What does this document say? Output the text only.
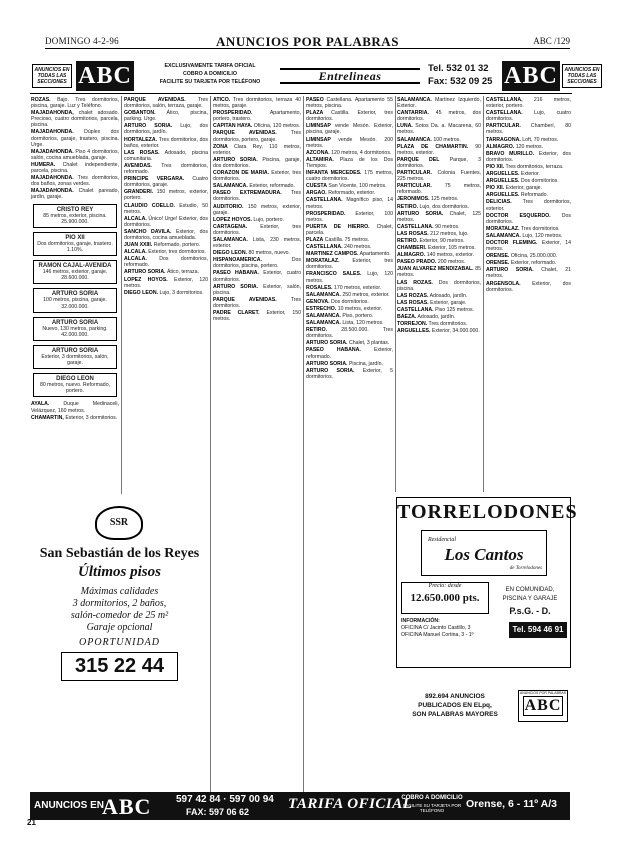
DOMINGO 4-2-96	ANUNCIOS POR PALABRAS	ABC /129
ANUNCIOS EN TODAS LAS SECCIONES ABC	EXCLUSIVAMENTE TARIFA OFICIAL
COBRO A DOMICILIO
FACILITE SU TARJETA POR TELÉFONO	Entrelineas
Tel. 532 01 32
Fax: 532 09 25 ABC	ANUNCIOS EN TODAS LAS SECCIONES

ROZAS. Bajo. Tres dormitorios, piscina, garaje. Luz y Teléfono.

MAJADAHONDA, chalet adosado. Precioso, cuatro dormitorios, parcela, piscina.

MAJADAHONDA. Dúplex dos dormitorios, garaje, trastero, piscina. Urge.

MAJADAHONDA. Piso 4 dormitorios, salón, cocina amueblada, garaje.

HUMERA. Chalet independiente, parcela, piscina.

MAJADAHONDA. Tres dormitorios, dos baños, zonas verdes.

MAJADAHONDA. Chalet pareado, jardín, garaje.

CRISTO REY
85 metros, exterior, piscina. 25.900.000.
PIO XII
Dos dormitorios, garaje, trastero. 1.10%.
RAMON CAJAL-AVENIDA
146 metros, exterior, garaje. 28.600.000.
ARTURO SORIA
100 metros, piscina, garaje. 32.000.000.
ARTURO SORIA
Nuevo, 130 metros, parking. 42.000.000.
ARTURO SORIA
Exterior, 3 dormitorios, salón, garaje.
DIEGO LEON
80 metros, nuevo. Reformado, portero.

AYALA.	Duque Medinaceli, Velázquez, 160 metros.

CHAMARTIN, Exterior, 3 dormitorios.

PARQUE AVENIDAS. Tres dormitorios, salón, terraza, garaje.

GOBANTON. Ático, piscina, parking. Urge.

ARTURO SORIA. Lujo, dos dormitorios, jardín.

HORTALEZA. Tres dormitorios, dos baños, exterior.

LAS ROSAS. Adosado, piscina comunitaria.

AVENIDAS. Tres dormitorios, reformado.

PRINCIPE VERGARA. Cuatro dormitorios, garaje.

GRANDERI. 150 metros, exterior, portero.

CLAUDIO COELLO. Estudio, 50 metros.

ALCALA. Único! Urge! Exterior, dos dormitorios.

SANCHO DAVILA. Exterior, dos dormitorios, cocina amueblada.

JUAN XXIII. Reformado, portero.

ALCALA. Exterior, tres dormitorios.

ALCALA. Dos dormitorios, reformado.

ARTURO SORIA. Ático, terraza.

LOPEZ HOYOS. Exterior, 120 metros.

DIEGO LEON. Lujo, 3 dormitorios.

ATICO. Tres dormitorios, terraza 40 metros, garaje.

PROSPERIDAD.	Apartamento, portero, trastero.

CAPITAN HAYA. Oficina, 120 metros.

PARQUE AVENIDAS.	Tres dormitorios, portero, garaje.

ZONA Clara Rey, 110 metros, exterior.

ARTURO SORIA. Piscina, garaje, dos dormitorios.

CORAZON DE MARIA. Exterior, tres dormitorios.

SALAMANCA. Exterior, reformado.

PASEO EXTREMADURA. Tres dormitorios.

AUDITORIO. 150 metros, exterior, garaje.

LOPEZ HOYOS. Lujo, portero.

CARTAGENA.	Exterior, tres dormitorios.

SALAMANCA. Lista, 230 metros, exterior.

DIEGO LEON. 80 metros, nuevo.

HISPANOAMERICA.	Dos dormitorios, piscina, portero.

PASEO HABANA. Exterior, cuatro dormitorios.

ARTURO SORIA. Exterior, salón, piscina.

PARQUE AVENIDAS.	Tres dormitorios.

PADRE CLARET. Exterior, 150 metros.

PASEO Castellana. Apartamento 55 metros, piscina.

PLAZA Castilla. Exterior, tres dormitorios.

LIMINSAP vende Mesón. Exterior, piscina, garaje.

LIMINSAP vende Mesón. 200 metros.

AZCONA. 120 metros, 4 dormitorios.

ALTAMIRA. Plaza de los Dos Tiempos.

INFANTA MERCEDES. 175 metros, cuatro dormitorios.

CUESTA San Vicente, 100 metros.

ARGAO. Reformado, exterior.

CASTELLANA. Magnífico piso, 14 metros.

PROSPERIDAD. Exterior, 100 metros.

PUERTA DE HIERRO. Chalet, parcela.

PLAZA Castilla. 75 metros.

CASTELLANA. 240 metros.

MARTINEZ CAMPOS. Apartamento.

MORATALAZ. Exterior, tres dormitorios.

FRANCISCO SALES. Lujo, 120 metros.

ROSALES. 170 metros, exterior.

SALAMANCA. 250 metros, exterior.

GENOVA. Dos dormitorios.

ESTRECHO. 10 metros, exterior.

SALAMANCA. Piso, portero.

SALAMANCA. Lista, 120 metros.

RETIRO.	28.500.000. Tres dormitorios.

ARTURO SORIA. Chalet, 3 plantas.

PASEO HABANA.	Exterior, reformado.

ARTURO SORIA. Piscina, jardín.

ARTURO SORIA. Exterior, 5 dormitorios.

SALAMANCA. Martinez Izquierdo, Exterior.

CANTARRIA. 45 metros, dos dormitorios.

LUNA. Sotos Da. a. Macarena, 60 metros.

SALAMANCA. 100 metros.

PLAZA DE CHAMARTIN. 90 metros, exterior.

PARQUE DEL Parque, 3 dormitorios.

PARTICULAR. Colonia Fuentes, 225 metros.

PARTICULAR.	75 metros, reformado.

JERONIMOS. 125 metros.

RETIRO. Lujo, dos dormitorios.

ARTURO SORIA. Chalet, 125 metros.

CASTELLANA. 90 metros.

LAS ROSAS. 212 metros, lujo.

RETIRO. Exterior, 90 metros.

CHAMBERI. Exterior, 105 metros.

ALMAGRO. 140 metros, exterior.

PASEO PRADO. 200 metros.

JUAN ALVAREZ MENDIZABAL. 85 metros.

LAS ROZAS. Dos dormitorios, piscina.

LAS ROZAS. Adosado, jardín.

LAS ROSAS. Exterior, garaje.

CASTELLANA. Piso 125 metros.

BAEZA. Adosado, jardín.

TORREJON. Tres dormitorios.

ARGUELLES. Exterior, 34.000.000.

CASTELLANA, 216 metros, exterior, portero.

CASTELLANA. Lujo, cuatro dormitorios.

PARTICULAR. Chamberí, 80 metros.

TARRAGONA. Loft, 70 metros.

ALMAGRO. 120 metros.

BRAVO MURILLO. Exterior, dos dormitorios.

PIO XII. Tres dormitorios, terraza.

ARGUELLES. Exterior.

ARGUELLES. Dos dormitorios.

PIO XII. Exterior, garaje.

ARGUELLES. Reformado.

DELICIAS. Tres dormitorios, exterior.

DOCTOR ESQUERDO. Dos dormitorios.

MORATALAZ. Tres dormitorios.

SALAMANCA. Lujo, 120 metros.

DOCTOR FLEMING. Exterior, 14 metros.

ORENSE. Oficina, 25.000.000.

ORENSE. Exterior, reformado.

ARTURO SORIA. Chalet, 21 metros.

ARGENSOLA. Exterior, dos dormitorios.

SSR
San Sebastián de los Reyes
Últimos pisos
Máximas calidades
3 dormitorios, 2 baños,
salón-comedor de 25 m²
Garaje opcional
OPORTUNIDAD
315 22 44
TORRELODONES
Residencial
Los Cantos
de Torrelodones
Precio: desde
12.650.000 pts.
EN COMUNIDAD,
PISCINA Y GARAJE
P.s.G. - D.
INFORMACIÓN:
OFICINA C/ Jacinto Castillo, 3
OFICINA Manuel Cortina, 3 - 1º
Tel. 594 46 91
892.694 ANUNCIOS
PUBLICADOS EN ELpq,
SON PALABRAS MAYORES
ANUNCIOS POR PALABRAS
ABC
ANUNCIOS EN
ABC 597 42 84 · 597 00 94
FAX: 597 06 62	TARIFA OFICIAL
COBRO A DOMICILIO
FACILITE SU TARJETA POR TELÉFONO
Orense, 6 - 11º A/3
21
